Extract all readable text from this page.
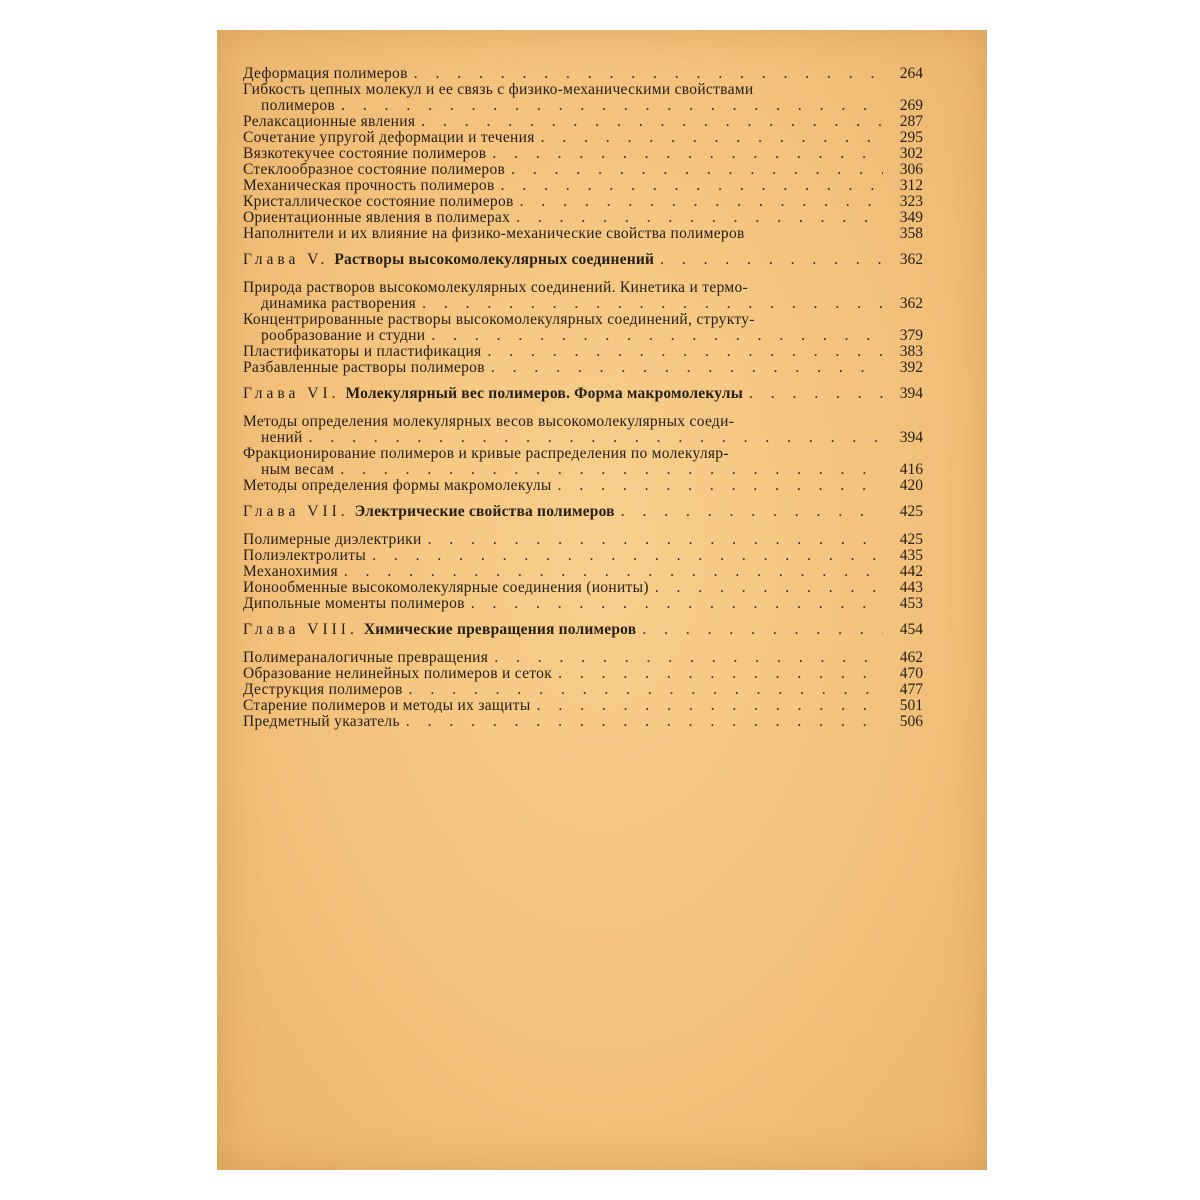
Деформация полимеров . . .	264
Гибкость цепных молекул и ее связь с физико-механическими свойствами
полимеров . . .	269
Релаксационные явления . . .	287
Сочетание упругой деформации и течения . . .	295
Вязкотекучее состояние полимеров . . .	302
Стеклообразное состояние полимеров . . .	306
Механическая прочность полимеров . . .	312
Кристаллическое состояние полимеров . . .	323
Ориентационные явления в полимерах . . .	349
Наполнители и их влияние на физико-механические свойства полимеров	358
Глава V. Растворы высокомолекулярных соединений . . .	362
Природа растворов высокомолекулярных соединений. Кинетика и термо-
динамика растворения . . .	362
Концентрированные растворы высокомолекулярных соединений, структу-
рообразование и студни . . .	379
Пластификаторы и пластификация . . .	383
Разбавленные растворы полимеров . . .	392
Глава VI. Молекулярный вес полимеров. Форма макромолекулы . . .	394
Методы определения молекулярных весов высокомолекулярных соеди-
нений . . .	394
Фракционирование полимеров и кривые распределения по молекуляр-
ным весам . . .	416
Методы определения формы макромолекулы . . .	420
Глава VII. Электрические свойства полимеров . . .	425
Полимерные диэлектрики . . .	425
Полиэлектролиты . . .	435
Механохимия . . .	442
Ионообменные высокомолекулярные соединения (иониты) . . .	443
Дипольные моменты полимеров . . .	453
Глава VIII. Химические превращения полимеров . . .	454
Полимераналогичные превращения . . .	462
Образование нелинейных полимеров и сеток . . .	470
Деструкция полимеров . . .	477
Старение полимеров и методы их защиты . . .	501
Предметный указатель . . .	506
